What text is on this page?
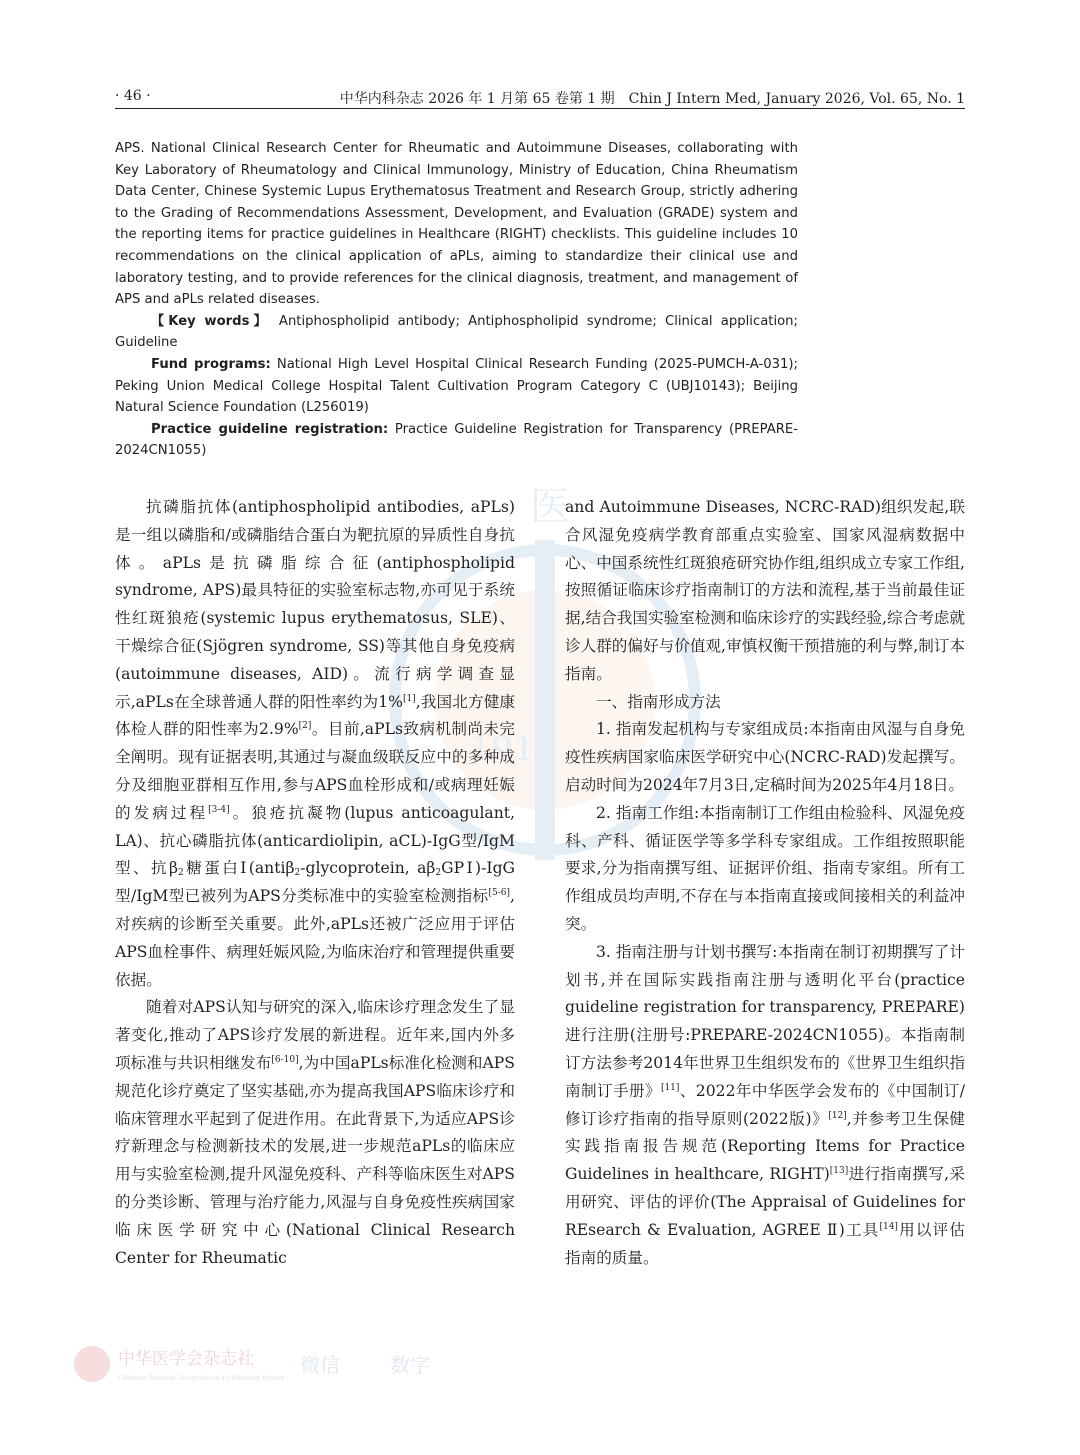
· 46 ·	中华内科杂志 2026 年 1 月第 65 卷第 1 期　Chin J Intern Med, January 2026, Vol. 65, No. 1
医
1915

APS. National Clinical Research Center for Rheumatic and Autoimmune Diseases, collaborating with Key Laboratory of Rheumatology and Clinical Immunology, Ministry of Education, China Rheumatism Data Center, Chinese Systemic Lupus Erythematosus Treatment and Research Group, strictly adhering to the Grading of Recommendations Assessment, Development, and Evaluation (GRADE) system and the reporting items for practice guidelines in Healthcare (RIGHT) checklists. This guideline includes 10 recommendations on the clinical application of aPLs, aiming to standardize their clinical use and laboratory testing, and to provide references for the clinical diagnosis, treatment, and management of APS and aPLs related diseases.

【Key words】 Antiphospholipid antibody; Antiphospholipid syndrome; Clinical application; Guideline

Fund programs: National High Level Hospital Clinical Research Funding (2025-PUMCH-A-031); Peking Union Medical College Hospital Talent Cultivation Program Category C (UBJ10143); Beijing Natural Science Foundation (L256019)

Practice guideline registration: Practice Guideline Registration for Transparency (PREPARE-2024CN1055)

抗磷脂抗体(antiphospholipid antibodies, aPLs)是一组以磷脂和/或磷脂结合蛋白为靶抗原的异质性自身抗体。aPLs是抗磷脂综合征(antiphospholipid syndrome, APS)最具特征的实验室标志物,亦可见于系统性红斑狼疮(systemic lupus erythematosus, SLE)、干燥综合征(Sjögren syndrome, SS)等其他自身免疫病(autoimmune diseases, AID)。流行病学调查显示,aPLs在全球普通人群的阳性率约为1%[1],我国北方健康体检人群的阳性率为2.9%[2]。目前,aPLs致病机制尚未完全阐明。现有证据表明,其通过与凝血级联反应中的多种成分及细胞亚群相互作用,参与APS血栓形成和/或病理妊娠的发病过程[3-4]。狼疮抗凝物(lupus anticoagulant, LA)、抗心磷脂抗体(anticardiolipin, aCL)-IgG型/IgM型、抗$\beta_2$糖蛋白Ⅰ(antiβ$_2$-glycoprotein, $a\beta_2GPⅠ$)-IgG型/IgM型已被列为APS分类标准中的实验室检测指标[5-6],对疾病的诊断至关重要。此外,aPLs还被广泛应用于评估APS血栓事件、病理妊娠风险,为临床治疗和管理提供重要依据。

随着对APS认知与研究的深入,临床诊疗理念发生了显著变化,推动了APS诊疗发展的新进程。近年来,国内外多项标准与共识相继发布[6-10],为中国aPLs标准化检测和APS规范化诊疗奠定了坚实基础,亦为提高我国APS临床诊疗和临床管理水平起到了促进作用。在此背景下,为适应APS诊疗新理念与检测新技术的发展,进一步规范aPLs的临床应用与实验室检测,提升风湿免疫科、产科等临床医生对APS的分类诊断、管理与治疗能力,风湿与自身免疫性疾病国家临床医学研究中心(National Clinical Research Center for Rheumatic

and Autoimmune Diseases, NCRC-RAD)组织发起,联合风湿免疫病学教育部重点实验室、国家风湿病数据中心、中国系统性红斑狼疮研究协作组,组织成立专家工作组,按照循证临床诊疗指南制订的方法和流程,基于当前最佳证据,结合我国实验室检测和临床诊疗的实践经验,综合考虑就诊人群的偏好与价值观,审慎权衡干预措施的利与弊,制订本指南。

一、指南形成方法

1. 指南发起机构与专家组成员:本指南由风湿与自身免疫性疾病国家临床医学研究中心(NCRC-RAD)发起撰写。启动时间为2024年7月3日,定稿时间为2025年4月18日。

2. 指南工作组:本指南制订工作组由检验科、风湿免疫科、产科、循证医学等多学科专家组成。工作组按照职能要求,分为指南撰写组、证据评价组、指南专家组。所有工作组成员均声明,不存在与本指南直接或间接相关的利益冲突。

3. 指南注册与计划书撰写:本指南在制订初期撰写了计划书,并在国际实践指南注册与透明化平台(practice guideline registration for transparency, PREPARE)进行注册(注册号:PREPARE-2024CN1055)。本指南制订方法参考2014年世界卫生组织发布的《世界卫生组织指南制订手册》[11]、2022年中华医学会发布的《中国制订/修订诊疗指南的指导原则(2022版)》[12],并参考卫生保健实践指南报告规范(Reporting Items for Practice Guidelines in healthcare, RIGHT)[13]进行指南撰写,采用研究、评估的评价(The Appraisal of Guidelines for REsearch & Evaluation, AGREE Ⅱ)工具[14]用以评估指南的质量。

中华医学会杂志社
Chinese Medical Association Publishing House
微信	数字
